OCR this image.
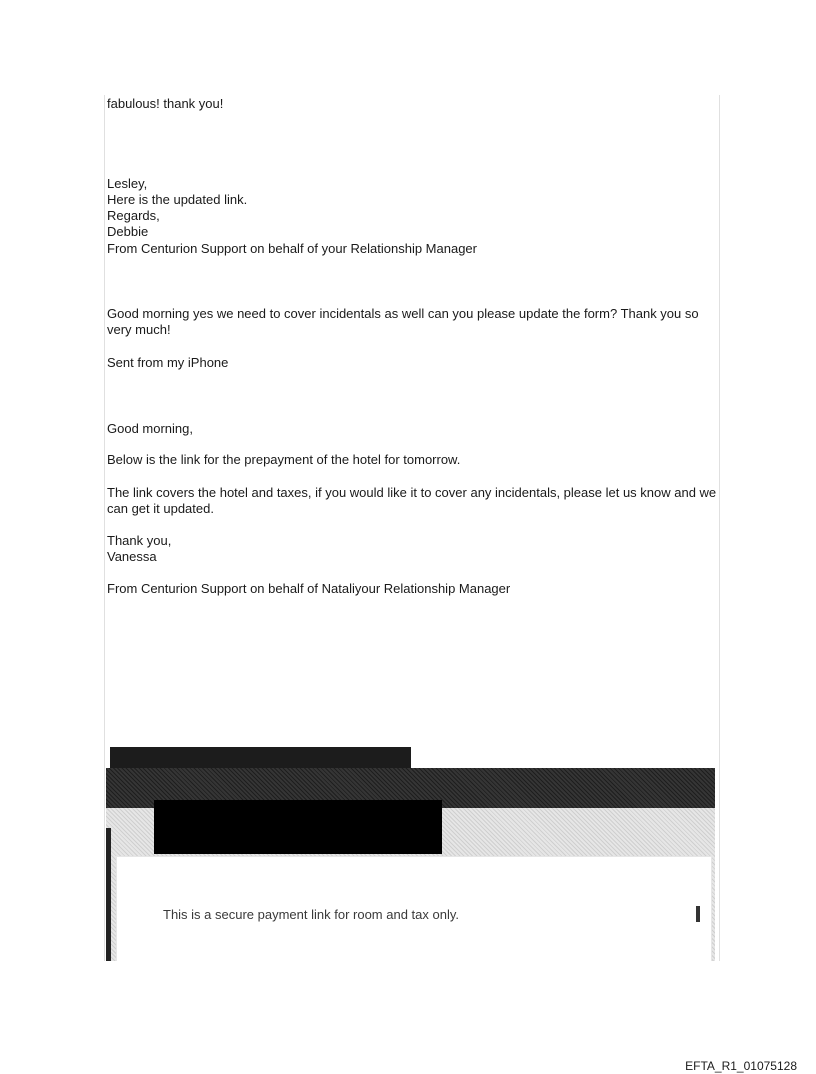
fabulous! thank you!

Lesley,

Here is the updated link.

Regards,

Debbie

From Centurion Support on behalf of your Relationship Manager

Good morning yes we need to cover incidentals as well can you please update the form? Thank you so very much!

Sent from my iPhone

Good morning,

Below is the link for the prepayment of the hotel for tomorrow.

The link covers the hotel and taxes, if you would like it to cover any incidentals, please let us know and we can get it updated.

Thank you,

Vanessa

From Centurion Support on behalf of Nataliyour Relationship Manager

This is a secure payment link for room and tax only.
EFTA_R1_01075128
